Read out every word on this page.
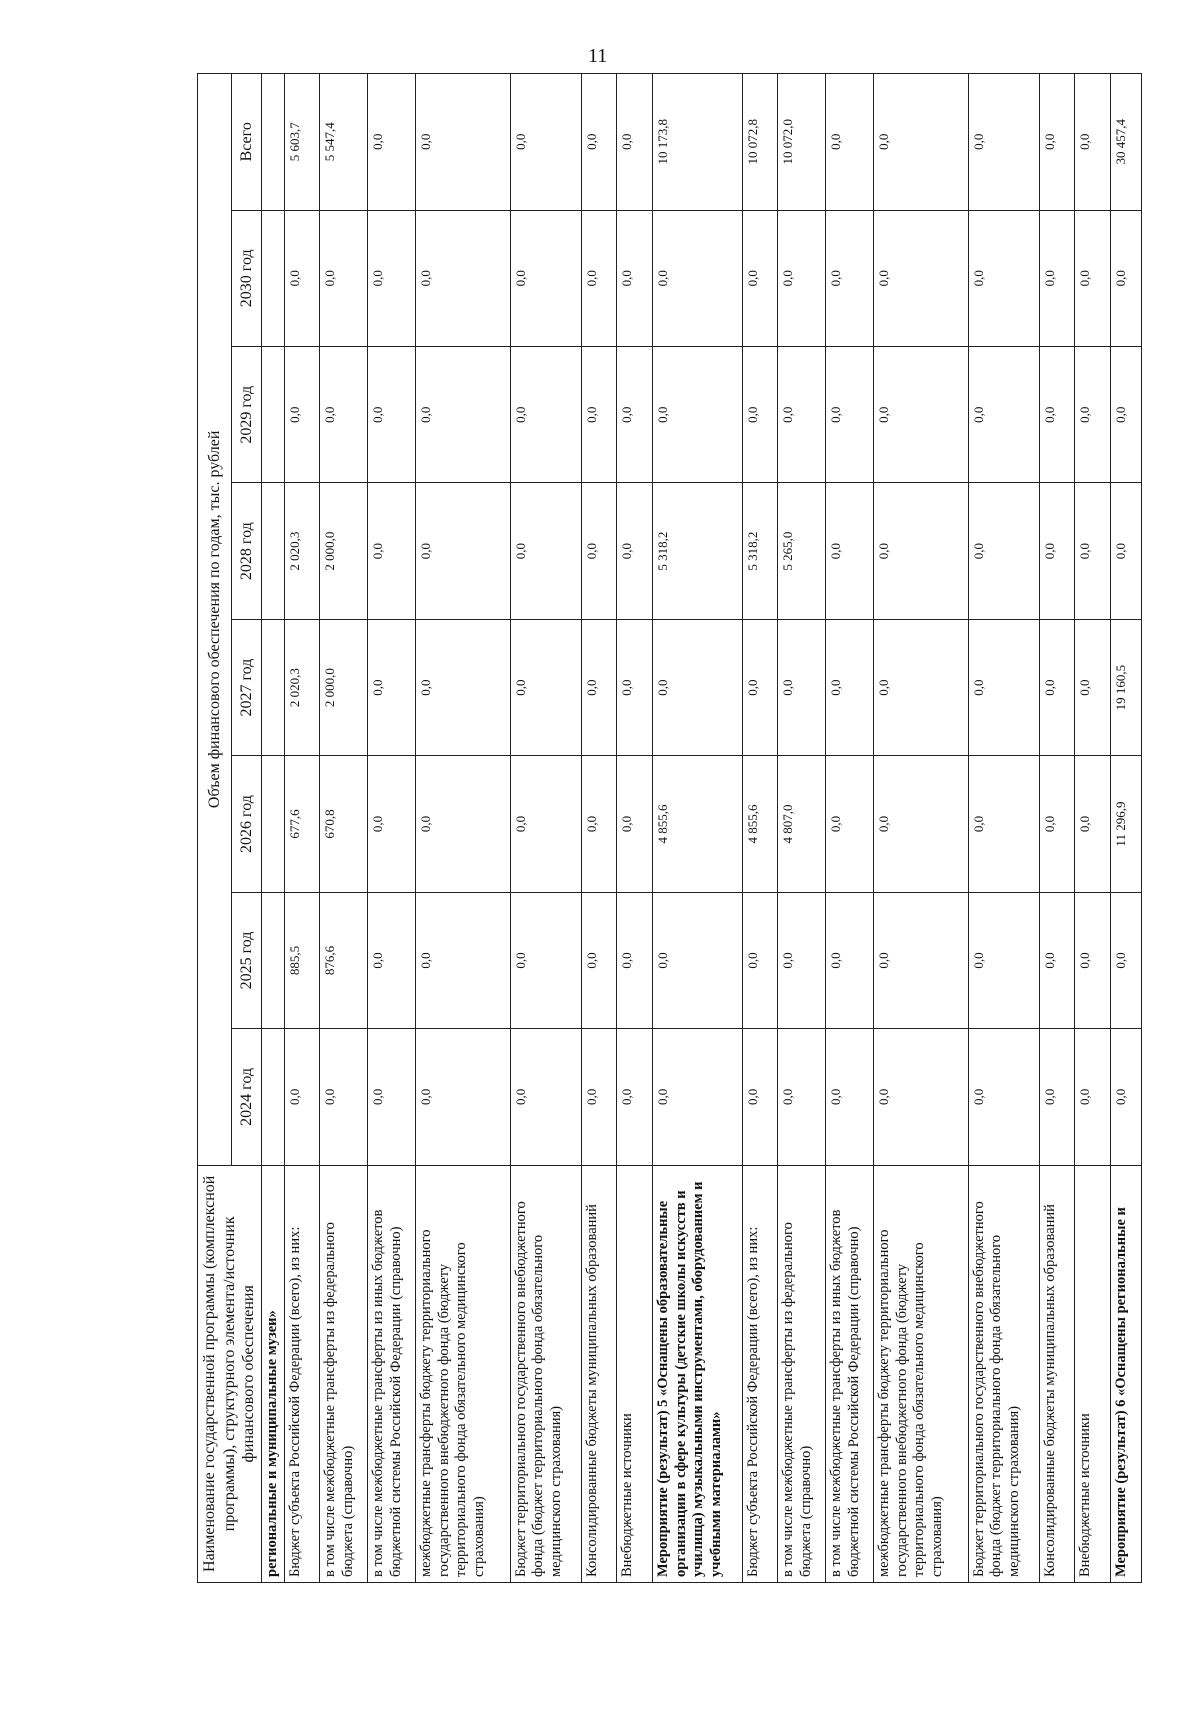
11
Наименование государственной программы (комплексной программы), структурного элемента/источник финансового обеспечения	Объем финансового обеспечения по годам, тыс. рублей							
	2024 год	2025 год	2026 год	2027 год	2028 год	2029 год	2030 год	Всего
региональные и муниципальные музеи»								
Бюджет субъекта Российской Федерации (всего), из них:	0,0	885,5	677,6	2 020,3	2 020,3	0,0	0,0	5 603,7
в том числе межбюджетные трансферты из федерального бюджета (справочно)	0,0	876,6	670,8	2 000,0	2 000,0	0,0	0,0	5 547,4
в том числе межбюджетные трансферты из иных бюджетов бюджетной системы Российской Федерации (справочно)	0,0	0,0	0,0	0,0	0,0	0,0	0,0	0,0
межбюджетные трансферты бюджету территориального государственного внебюджетного фонда (бюджету территориального фонда обязательного медицинского страхования)	0,0	0,0	0,0	0,0	0,0	0,0	0,0	0,0
Бюджет территориального государственного внебюджетного фонда (бюджет территориального фонда обязательного медицинского страхования)	0,0	0,0	0,0	0,0	0,0	0,0	0,0	0,0
Консолидированные бюджеты муниципальных образований	0,0	0,0	0,0	0,0	0,0	0,0	0,0	0,0
Внебюджетные источники	0,0	0,0	0,0	0,0	0,0	0,0	0,0	0,0
Мероприятие (результат) 5 «Оснащены образовательные организации в сфере культуры (детские школы искусств и училища) музыкальными инструментами, оборудованием и учебными материалами»	0,0	0,0	4 855,6	0,0	5 318,2	0,0	0,0	10 173,8
Бюджет субъекта Российской Федерации (всего), из них:	0,0	0,0	4 855,6	0,0	5 318,2	0,0	0,0	10 072,8
в том числе межбюджетные трансферты из федерального бюджета (справочно)	0,0	0,0	4 807,0	0,0	5 265,0	0,0	0,0	10 072,0
в том числе межбюджетные трансферты из иных бюджетов бюджетной системы Российской Федерации (справочно)	0,0	0,0	0,0	0,0	0,0	0,0	0,0	0,0
межбюджетные трансферты бюджету территориального государственного внебюджетного фонда (бюджету территориального фонда обязательного медицинского страхования)	0,0	0,0	0,0	0,0	0,0	0,0	0,0	0,0
Бюджет территориального государственного внебюджетного фонда (бюджет территориального фонда обязательного медицинского страхования)	0,0	0,0	0,0	0,0	0,0	0,0	0,0	0,0
Консолидированные бюджеты муниципальных образований	0,0	0,0	0,0	0,0	0,0	0,0	0,0	0,0
Внебюджетные источники	0,0	0,0	0,0	0,0	0,0	0,0	0,0	0,0
Мероприятие (результат) 6 «Оснащены региональные и	0,0	0,0	11 296,9	19 160,5	0,0	0,0	0,0	30 457,4
